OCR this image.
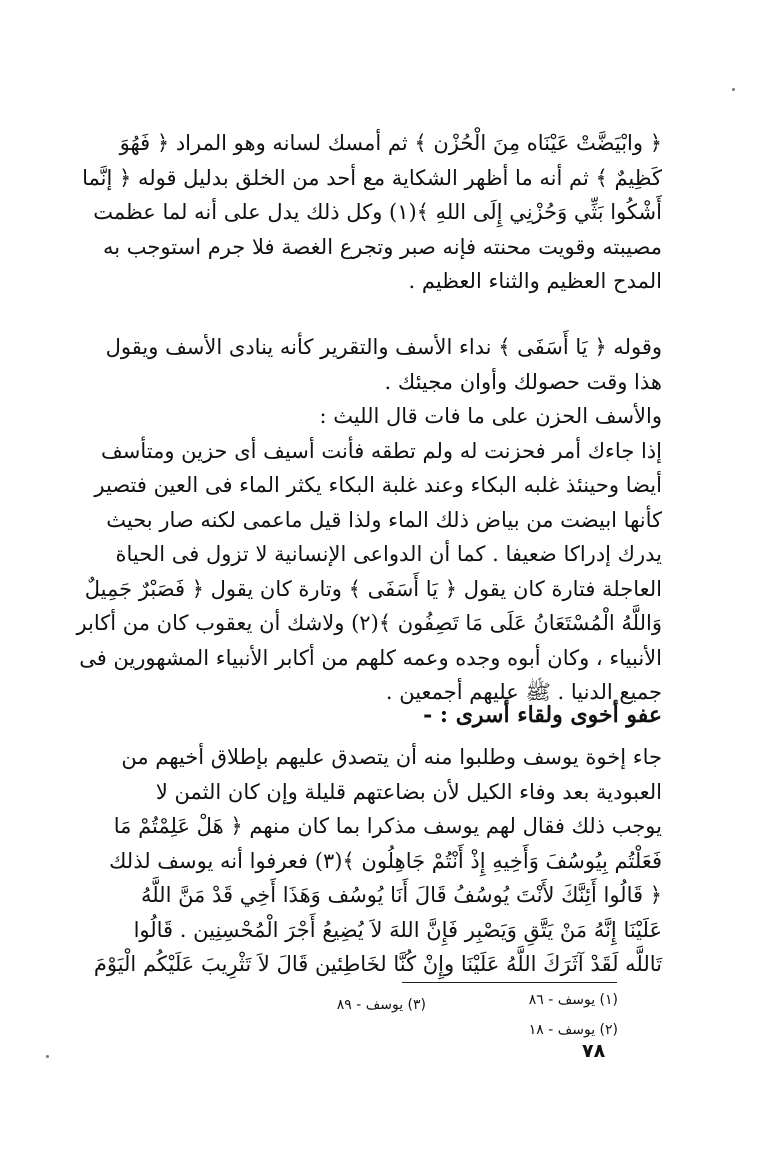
﴿ وابْيَضَّتْ عَيْنَاه مِنَ الْحُزْن ﴾ ثم أمسك لسانه وهو المراد ﴿ فَهُوَ
كَظِيمٌ ﴾ ثم أنه ما أظهر الشكاية مع أحد من الخلق بدليل قوله ﴿ إنَّما
أَشْكُوا بَثِّي وَحُزْنِي إِلَى اللهِ ﴾(١) وكل ذلك يدل على أنه لما عظمت
مصيبته وقويت محنته فإنه صبر وتجرع الغصة فلا جرم استوجب به
المدح العظيم والثناء العظيم .

وقوله ﴿ يَا أَسَفَى ﴾ نداء الأسف والتقرير كأنه ينادى الأسف ويقول
هذا وقت حصولك وأوان مجيئك .
والأسف الحزن على ما فات قال الليث :
إذا جاءك أمر فحزنت له ولم تطقه فأنت أسيف أى حزين ومتأسف
أيضا وحينئذ غلبه البكاء وعند غلبة البكاء يكثر الماء فى العين فتصير
كأنها ابيضت من بياض ذلك الماء ولذا قيل ماعمى لكنه صار بحيث
يدرك إدراكا ضعيفا . كما أن الدواعى الإنسانية لا تزول فى الحياة
العاجلة فتارة كان يقول ﴿ يَا أَسَفَى ﴾ وتارة كان يقول ﴿ فَصَبْرٌ جَمِيلٌ
وَاللَّهُ الْمُسْتَعَانُ عَلَى مَا تَصِفُون ﴾(٢) ولاشك أن يعقوب كان من أكابر
الأنبياء ، وكان أبوه وجده وعمه كلهم من أكابر الأنبياء المشهورين فى
جميع الدنيا . ﷺ عليهم أجمعين .

عفو أخوى ولقاء أسرى : -

جاء إخوة يوسف وطلبوا منه أن يتصدق عليهم بإطلاق أخيهم من
العبودية بعد وفاء الكيل لأن بضاعتهم قليلة وإن كان الثمن لا
يوجب ذلك فقال لهم يوسف مذكرا بما كان منهم ﴿ هَلْ عَلِمْتُمْ مَا
فَعَلْتُم بِيُوسُفَ وَأَخِيهِ إِذْ أَنْتُمْ جَاهِلُون ﴾(٣) فعرفوا أنه يوسف لذلك
﴿ قَالُوا أَئِنَّكَ لأَنْتَ يُوسُفُ قَالَ أَنَا يُوسُف وَهَذَا أَخِي قَدْ مَنَّ اللَّهُ
عَلَيْنَا إِنَّهُ مَنْ يَتَّقِ وَيَصْبِر فَإِنَّ اللهَ لاَ يُضِيعُ أَجْرَ الْمُحْسِنِين . قَالُوا
تَاللَّه لَقَدْ آثَرَكَ اللَّهُ عَلَيْنَا وإِنْ كُنَّا لخَاطِئين قَالَ لاَ تَثْرِيبَ عَلَيْكُم الْيَوْمَ

(١) يوسف - ٨٦
(٣) يوسف - ٨٩
(٢) يوسف - ١٨
٧٨
